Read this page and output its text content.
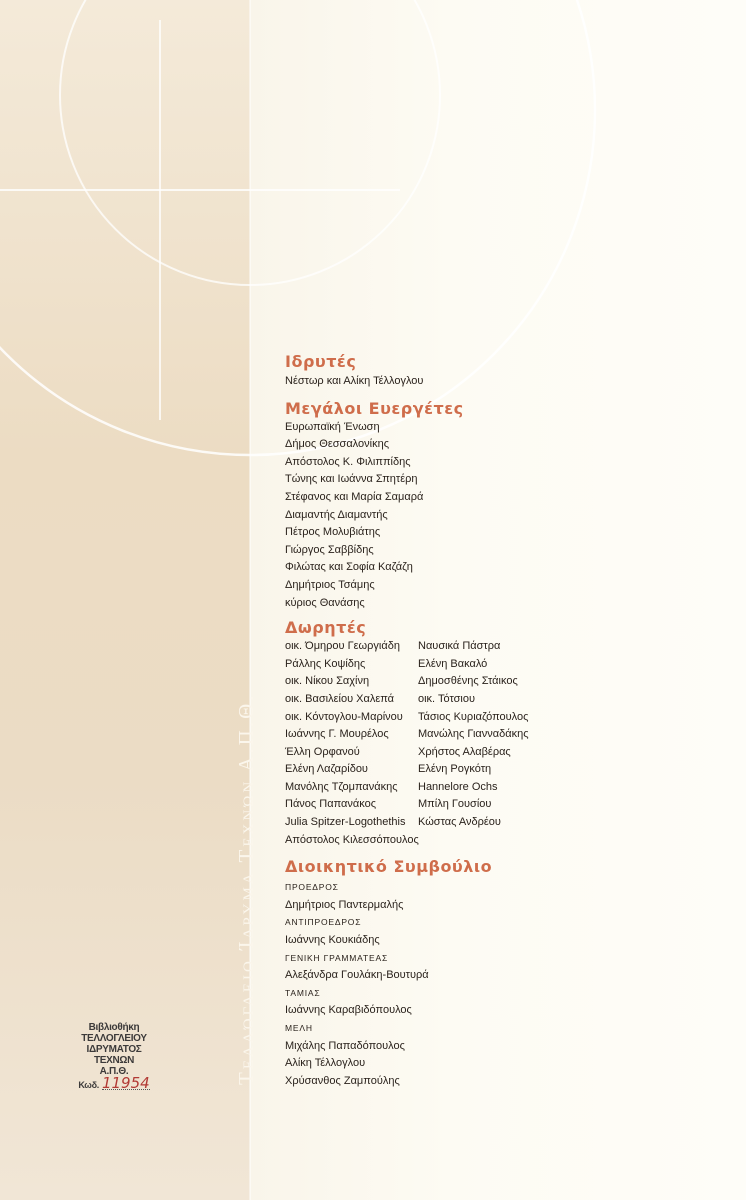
Τελλόγλειο Ίδρυμα Τεχνών Α.Π.Θ.
Βιβλιοθήκη
ΤΕΛΛΟΓΛΕΙΟΥ
ΙΔΡΥΜΑΤΟΣ
ΤΕΧΝΩΝ
Α.Π.Θ.
Κωδ. 11954
Ιδρυτές
Νέστωρ και Αλίκη Τέλλογλου
Μεγάλοι Ευεργέτες
Ευρωπαϊκή Ένωση
Δήμος Θεσσαλονίκης
Απόστολος Κ. Φιλιππίδης
Τώνης και Ιωάννα Σπητέρη
Στέφανος και Μαρία Σαμαρά
Διαμαντής Διαμαντής
Πέτρος Μολυβιάτης
Γιώργος Σαββίδης
Φιλώτας και Σοφία Καζάζη
Δημήτριος Τσάμης
κύριος Θανάσης
Δωρητές
οικ. Όμηρου Γεωργιάδη
Ράλλης Κοψίδης
οικ. Νίκου Σαχίνη
οικ. Βασιλείου Χαλεπά
οικ. Κόντογλου-Μαρίνου
Ιωάννης Γ. Μουρέλος
Έλλη Ορφανού
Ελένη Λαζαρίδου
Μανόλης Τζομπανάκης
Πάνος Παπανάκος
Julia Spitzer-Logothethis
Απόστολος Κιλεσσόπουλος
Ναυσικά Πάστρα
Ελένη Βακαλό
Δημοσθένης Στάικος
οικ. Τότσιου
Τάσιος Κυριαζόπουλος
Μανώλης Γιανναδάκης
Χρήστος Αλαβέρας
Ελένη Ρογκότη
Hannelore Ochs
Μπίλη Γουσίου
Κώστας Ανδρέου
Διοικητικό Συμβούλιο
ΠΡΟΕΔΡΟΣ
Δημήτριος Παντερμαλής
ΑΝΤΙΠΡΟΕΔΡΟΣ
Ιωάννης Κουκιάδης
ΓΕΝΙΚΗ ΓΡΑΜΜΑΤΕΑΣ
Αλεξάνδρα Γουλάκη-Βουτυρά
ΤΑΜΙΑΣ
Ιωάννης Καραβιδόπουλος
ΜΕΛΗ
Μιχάλης Παπαδόπουλος
Αλίκη Τέλλογλου
Χρύσανθος Ζαμπούλης
